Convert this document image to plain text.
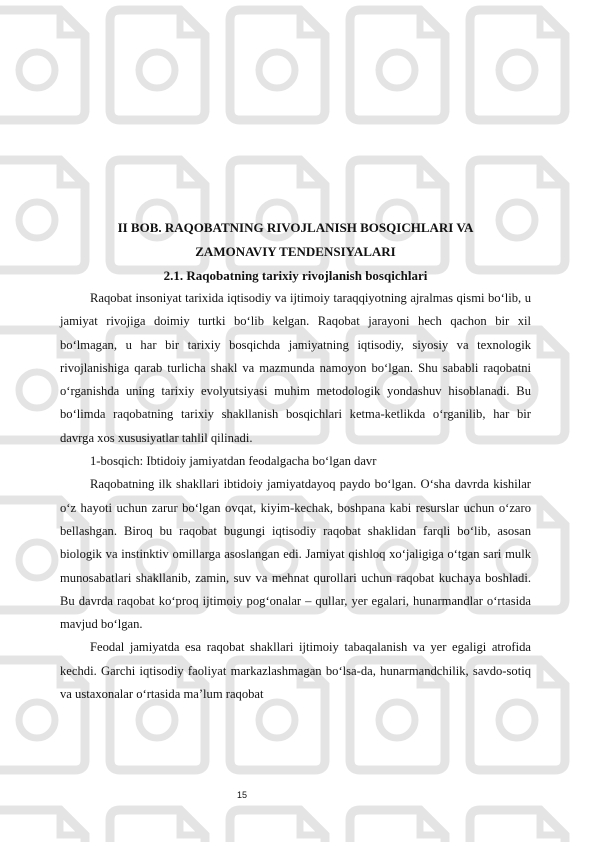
II BOB. RAQOBATNING RIVOJLANISH BOSQICHLARI VA
ZAMONAVIY TENDENSIYALARI
2.1. Raqobatning tarixiy rivojlanish bosqichlari

Raqobat insoniyat tarixida iqtisodiy va ijtimoiy taraqqiyotning ajralmas qismi bo‘lib, u jamiyat rivojiga doimiy turtki bo‘lib kelgan. Raqobat jarayoni hech qachon bir xil bo‘lmagan, u har bir tarixiy bosqichda jamiyatning iqtisodiy, siyosiy va texnologik rivojlanishiga qarab turlicha shakl va mazmunda namoyon bo‘lgan. Shu sababli raqobatni o‘rganishda uning tarixiy evolyutsiyasi muhim metodologik yondashuv hisoblanadi. Bu bo‘limda raqobatning tarixiy shakllanish bosqichlari ketma-ketlikda o‘rganilib, har bir davrga xos xususiyatlar tahlil qilinadi.

1-bosqich: Ibtidoiy jamiyatdan feodalgacha bo‘lgan davr

Raqobatning ilk shakllari ibtidoiy jamiyatdayoq paydo bo‘lgan. O‘sha davrda kishilar o‘z hayoti uchun zarur bo‘lgan ovqat, kiyim-kechak, boshpana kabi resurslar uchun o‘zaro bellashgan. Biroq bu raqobat bugungi iqtisodiy raqobat shaklidan farqli bo‘lib, asosan biologik va instinktiv omillarga asoslangan edi. Jamiyat qishloq xo‘jaligiga o‘tgan sari mulk munosabatlari shakllanib, zamin, suv va mehnat qurollari uchun raqobat kuchaya boshladi. Bu davrda raqobat ko‘proq ijtimoiy pog‘onalar – qullar, yer egalari, hunarmandlar o‘rtasida mavjud bo‘lgan.

Feodal jamiyatda esa raqobat shakllari ijtimoiy tabaqalanish va yer egaligi atrofida kechdi. Garchi iqtisodiy faoliyat markazlashmagan bo‘lsa-da, hunarmandchilik, savdo-sotiq va ustaxonalar o‘rtasida ma’lum raqobat

15
